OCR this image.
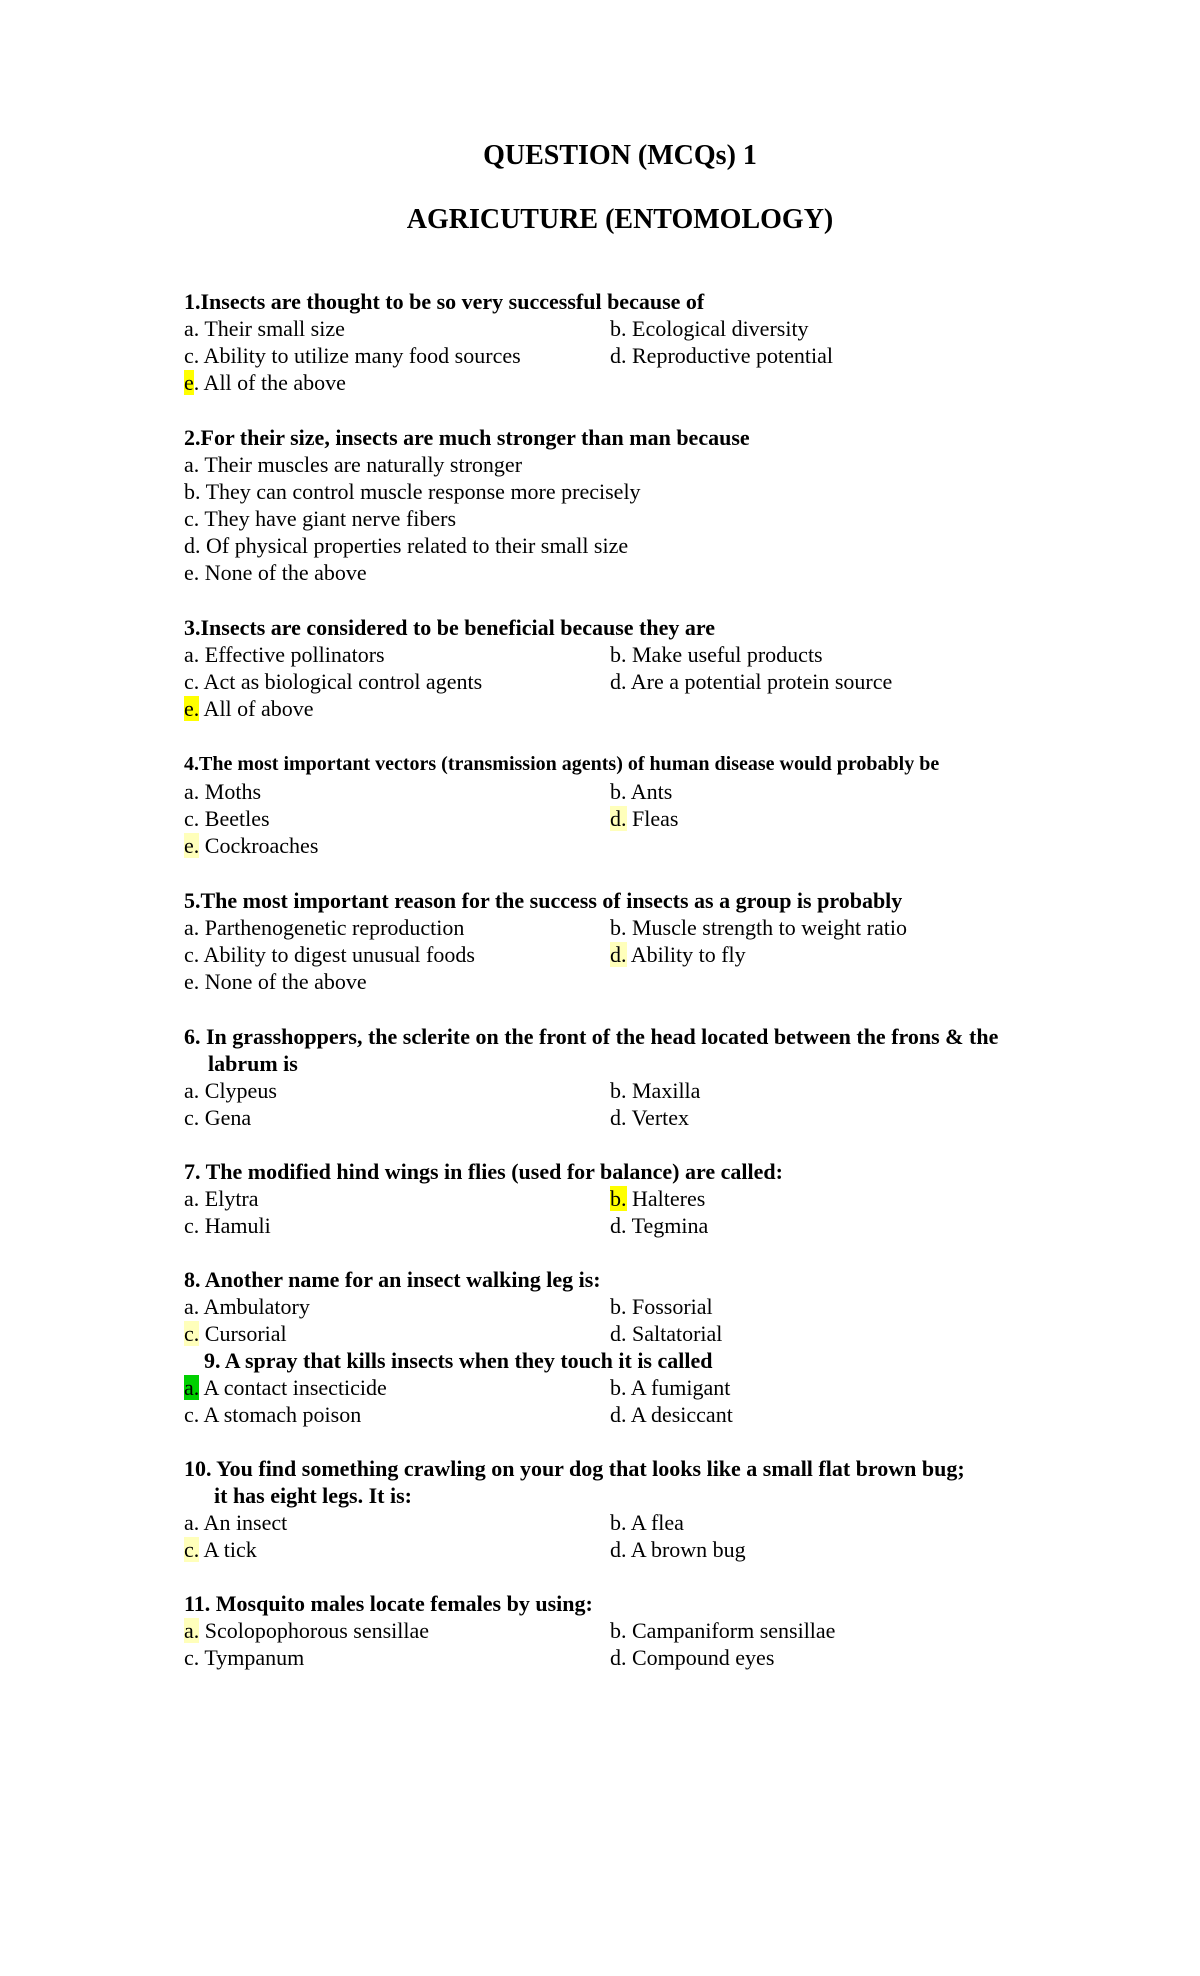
QUESTION (MCQs) 1
AGRICUTURE (ENTOMOLOGY)
1.Insects are thought to be so very successful because of
a. Their small size	b. Ecological diversity
c. Ability to utilize many food sources	d. Reproductive potential
e. All of the above
2.For their size, insects are much stronger than man because
a. Their muscles are naturally stronger
b. They can control muscle response more precisely
c. They have giant nerve fibers
d. Of physical properties related to their small size
e. None of the above
3.Insects are considered to be beneficial because they are
a. Effective pollinators	b. Make useful products
c. Act as biological control agents	d. Are a potential protein source
e. All of above
4.The most important vectors (transmission agents) of human disease would probably be
a. Moths	b. Ants
c. Beetles	d. Fleas
e. Cockroaches
5.The most important reason for the success of insects as a group is probably
a. Parthenogenetic reproduction	b. Muscle strength to weight ratio
c. Ability to digest unusual foods	d. Ability to fly
e. None of the above
6. In grasshoppers, the sclerite on the front of the head located between the frons & the
labrum is
a. Clypeus	b. Maxilla
c. Gena	d. Vertex
7. The modified hind wings in flies (used for balance) are called:
a. Elytra	b. Halteres
c. Hamuli	d. Tegmina
8. Another name for an insect walking leg is:
a. Ambulatory	b. Fossorial
c. Cursorial	d. Saltatorial
9. A spray that kills insects when they touch it is called
a. A contact insecticide	b. A fumigant
c. A stomach poison	d. A desiccant
10. You find something crawling on your dog that looks like a small flat brown bug;
it has eight legs. It is:
a. An insect	b. A flea
c. A tick	d. A brown bug
11. Mosquito males locate females by using:
a. Scolopophorous sensillae	b. Campaniform sensillae
c. Tympanum	d. Compound eyes
